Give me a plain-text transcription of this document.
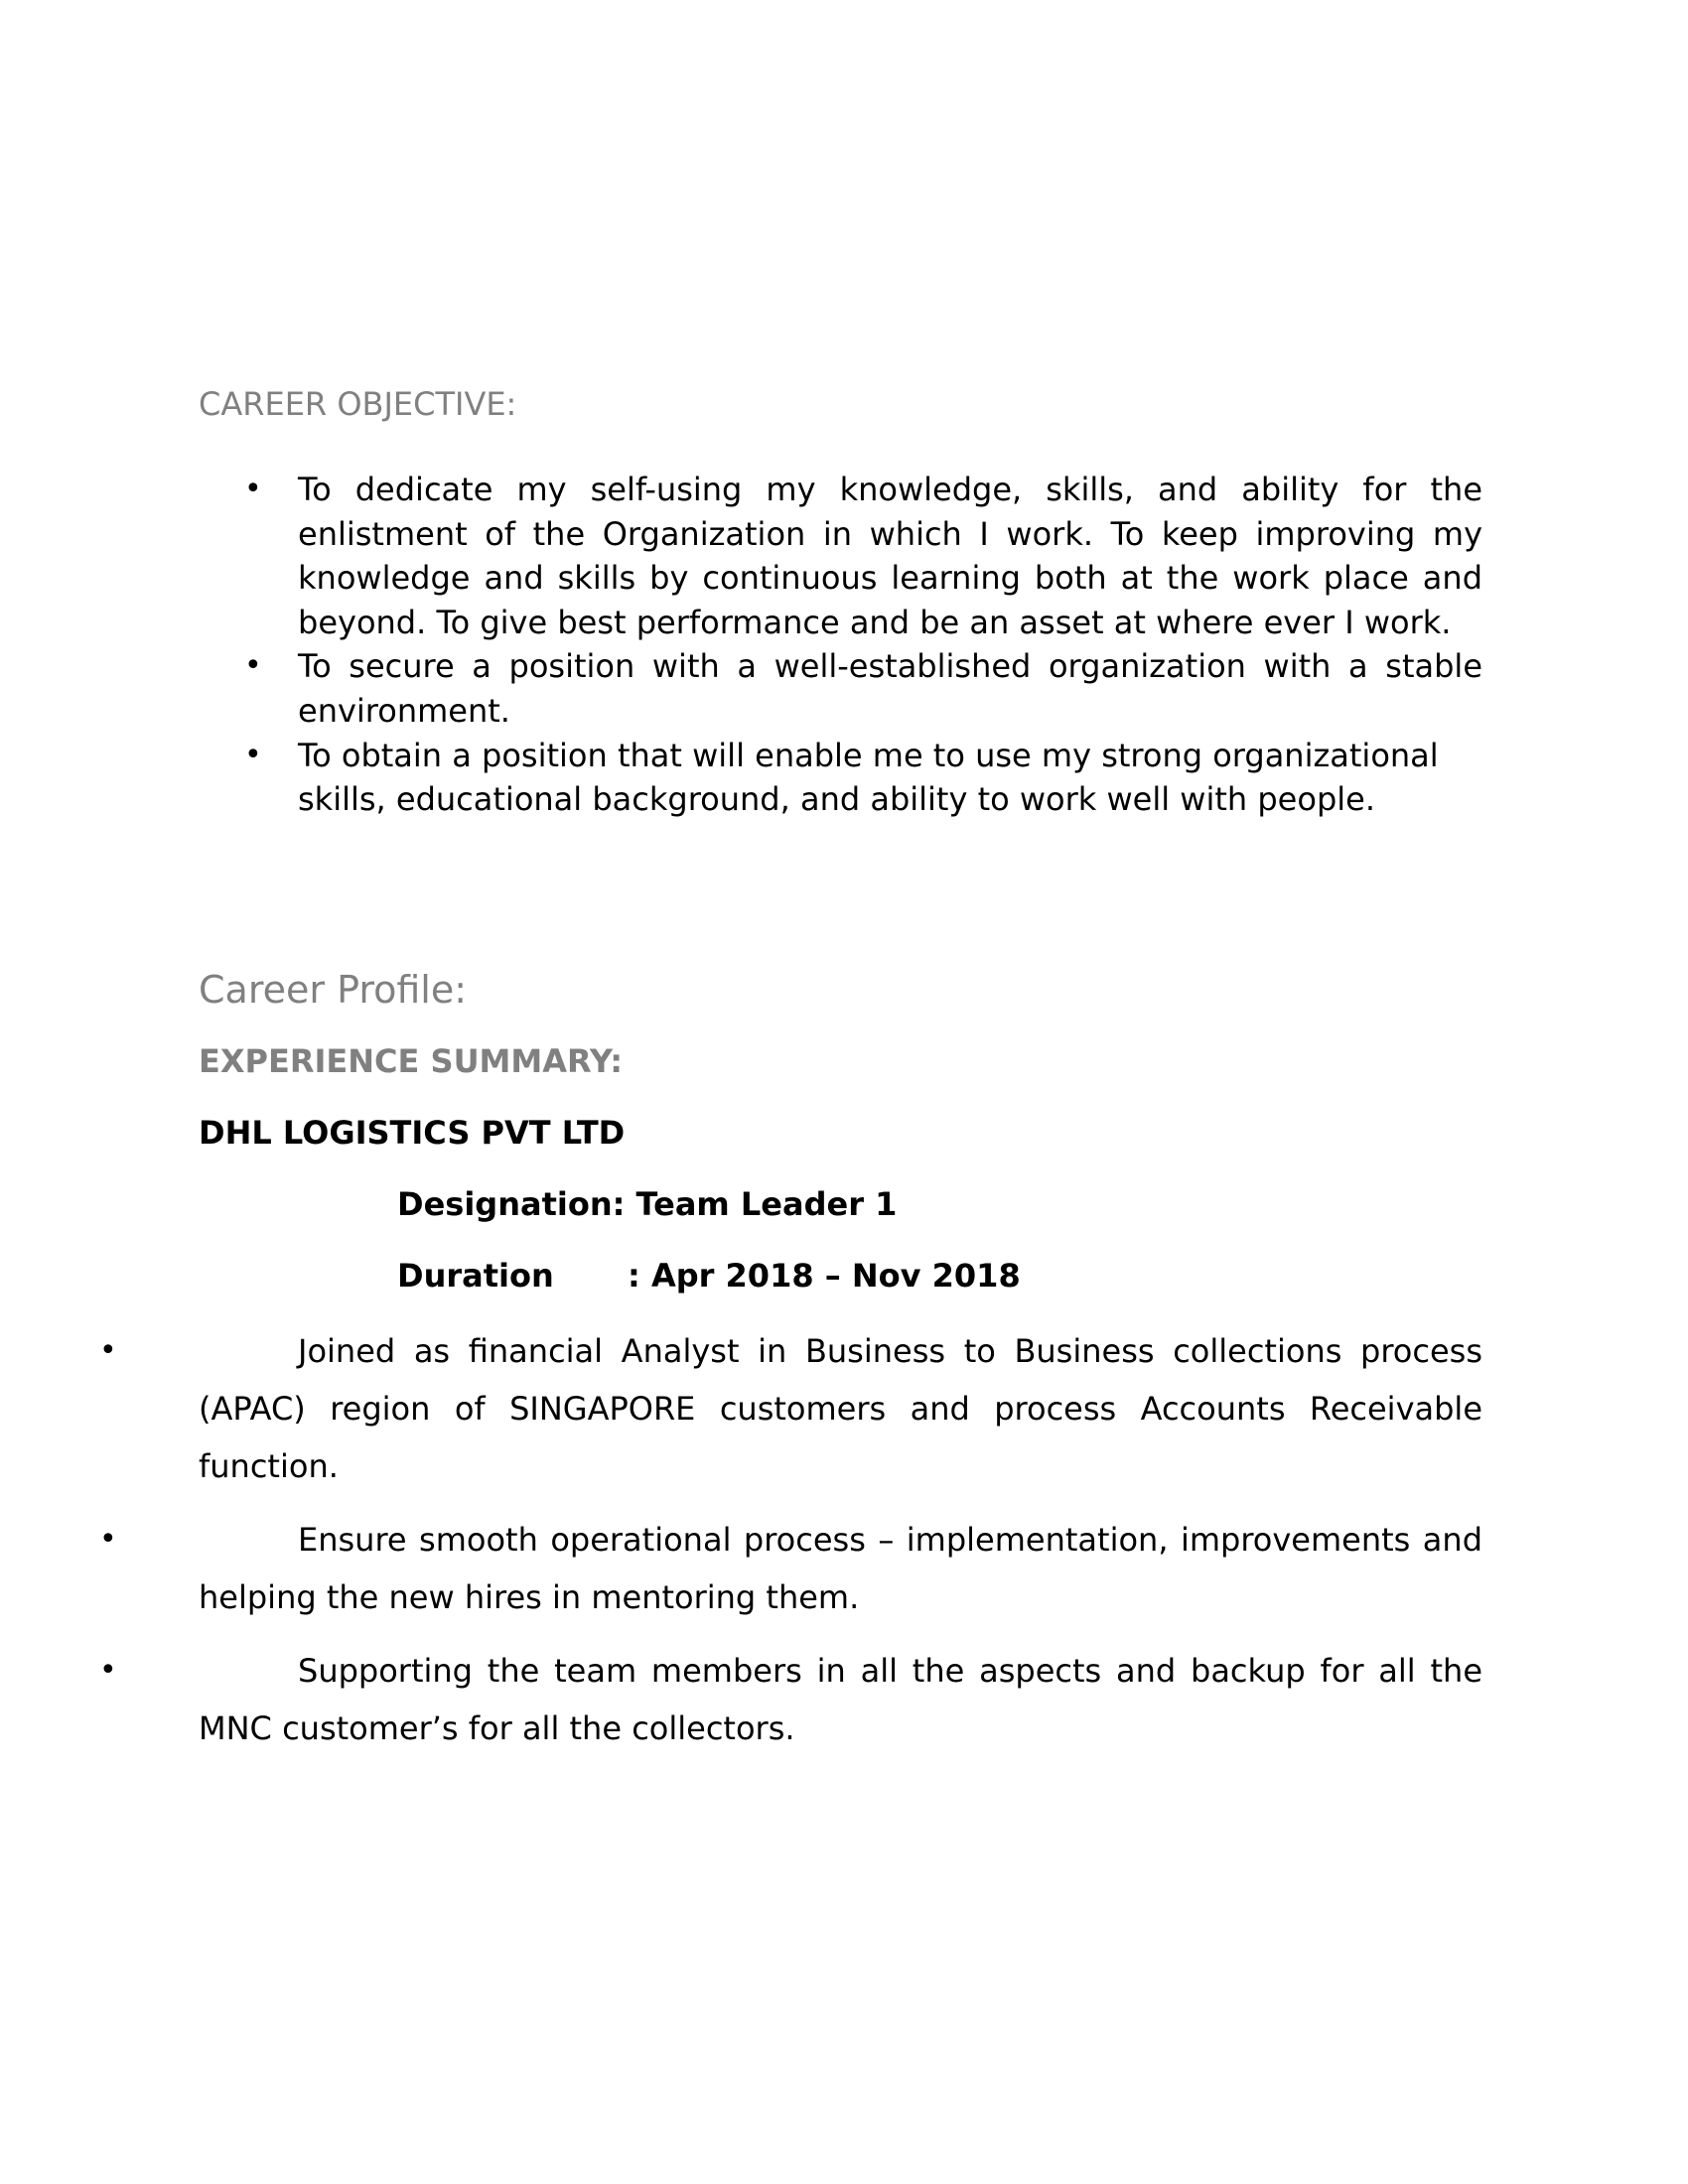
CAREER OBJECTIVE:
• To dedicate my self-using my knowledge, skills, and ability for the enlistment of the Organization in which I work. To keep improving my knowledge and skills by continuous learning both at the work place and beyond. To give best performance and be an asset at where ever I work.
• To secure a position with a well-established organization with a stable environment.
• To obtain a position that will enable me to use my strong organizational skills, educational background, and ability to work well with people.
Career Profile:
EXPERIENCE SUMMARY:
DHL LOGISTICS PVT LTD
Designation: Team Leader 1
Duration : Apr 2018 – Nov 2018
•	Joined as financial Analyst in Business to Business collections process (APAC) region of SINGAPORE customers and process Accounts Receivable function.
•	Ensure smooth operational process – implementation, improvements and helping the new hires in mentoring them.
•	Supporting the team members in all the aspects and backup for all the MNC customer’s for all the collectors.
